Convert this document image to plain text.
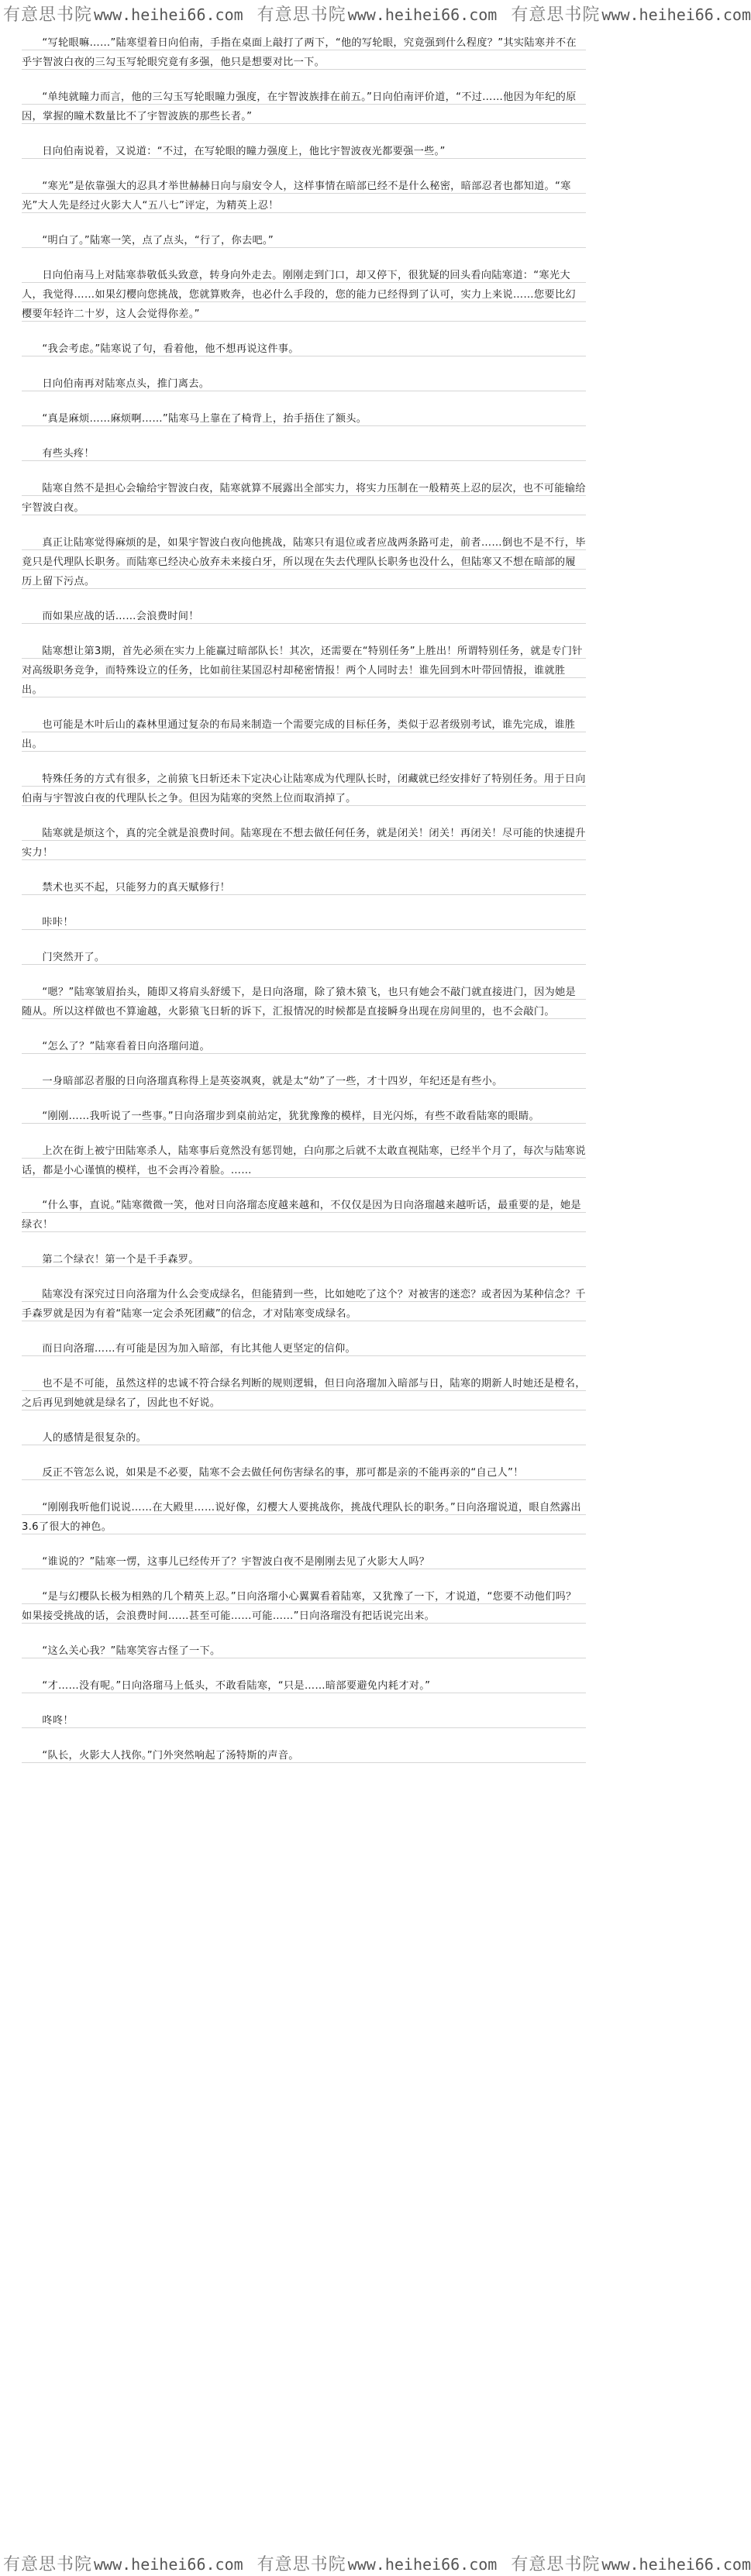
有意思书院 www.heihei66.com 有意思书院 www.heihei66.com 有意思书院 www.heihei66.com

“写轮眼嘛……”陆寒望着日向伯南，手指在桌面上敲打了两下，“他的写轮眼，究竟强到什么程度？”其实陆寒并不在乎宇智波白夜的三勾玉写轮眼究竟有多强，他只是想要对比一下。

“单纯就瞳力而言，他的三勾玉写轮眼瞳力强度，在宇智波族排在前五。”日向伯南评价道，“不过……他因为年纪的原因，掌握的瞳术数量比不了宇智波族的那些长者。”

日向伯南说着，又说道：“不过，在写轮眼的瞳力强度上，他比宇智波夜光都要强一些。”

“寒光”是依靠强大的忍具才举世赫赫日向与扇安令人，这样事情在暗部已经不是什么秘密，暗部忍者也都知道。“寒光”大人先是经过火影大人“五八七”评定，为精英上忍！

“明白了。”陆寒一笑，点了点头，“行了，你去吧。”

日向伯南马上对陆寒恭敬低头致意，转身向外走去。刚刚走到门口，却又停下，很犹疑的回头看向陆寒道：“寒光大人，我觉得……如果幻樱向您挑战，您就算败奔，也必什么手段的，您的能力已经得到了认可，实力上来说……您要比幻樱要年轻许二十岁，这人会觉得你差。”

“我会考虑。”陆寒说了句，看着他，他不想再说这件事。

日向伯南再对陆寒点头，推门离去。

“真是麻烦……麻烦啊……”陆寒马上靠在了椅背上，抬手捂住了额头。

有些头疼！

陆寒自然不是担心会输给宇智波白夜，陆寒就算不展露出全部实力，将实力压制在一般精英上忍的层次，也不可能输给宇智波白夜。

真正让陆寒觉得麻烦的是，如果宇智波白夜向他挑战，陆寒只有退位或者应战两条路可走，前者……倒也不是不行，毕竟只是代理队长职务。而陆寒已经决心放弃未来接白牙，所以现在失去代理队长职务也没什么，但陆寒又不想在暗部的履历上留下污点。

而如果应战的话……会浪费时间！

陆寒想让第3期，首先必须在实力上能赢过暗部队长！其次，还需要在“特别任务”上胜出！所谓特别任务，就是专门针对高级职务竞争，而特殊设立的任务，比如前往某国忍村却秘密情报！两个人同时去！谁先回到木叶带回情报，谁就胜出。

也可能是木叶后山的森林里通过复杂的布局来制造一个需要完成的目标任务，类似于忍者级别考试，谁先完成，谁胜出。

特殊任务的方式有很多，之前猿飞日斩还未下定决心让陆寒成为代理队长时，闭藏就已经安排好了特别任务。用于日向伯南与宇智波白夜的代理队长之争。但因为陆寒的突然上位而取消掉了。

陆寒就是烦这个，真的完全就是浪费时间。陆寒现在不想去做任何任务，就是闭关！闭关！再闭关！尽可能的快速提升实力！

禁术也买不起，只能努力的真天赋修行！

咔咔！

门突然开了。

“嗯？”陆寒皱眉抬头，随即又将肩头舒缓下，是日向洛瑠，除了猿木猿飞，也只有她会不敲门就直接进门，因为她是随从。所以这样做也不算逾越，火影猿飞日斩的诉下，汇报情况的时候都是直接瞬身出现在房间里的，也不会敲门。

“怎么了？”陆寒看着日向洛瑠问道。

一身暗部忍者服的日向洛瑠真称得上是英姿飒爽，就是太“幼”了一些，才十四岁，年纪还是有些小。

“刚刚……我听说了一些事。”日向洛瑠步到桌前站定，犹犹豫豫的模样，目光闪烁，有些不敢看陆寒的眼睛。

上次在街上被宁田陆寒杀人，陆寒事后竟然没有惩罚她，白向那之后就不太敢直视陆寒，已经半个月了，每次与陆寒说话，都是小心谨慎的模样，也不会再冷着脸。……

“什么事，直说。”陆寒微微一笑，他对日向洛瑠态度越来越和，不仅仅是因为日向洛瑠越来越听话，最重要的是，她是绿衣！

第二个绿衣！第一个是千手森罗。

陆寒没有深究过日向洛瑠为什么会变成绿名，但能猜到一些，比如她吃了这个？对被害的迷恋？或者因为某种信念？千手森罗就是因为有着“陆寒一定会杀死团藏”的信念，才对陆寒变成绿名。

而日向洛瑠……有可能是因为加入暗部，有比其他人更坚定的信仰。

也不是不可能，虽然这样的忠诚不符合绿名判断的规则逻辑，但日向洛瑠加入暗部与日，陆寒的期新人时她还是橙名，之后再见到她就是绿名了，因此也不好说。

人的感情是很复杂的。

反正不管怎么说，如果是不必要，陆寒不会去做任何伤害绿名的事，那可都是亲的不能再亲的“自己人”！

“刚刚我听他们说说……在大殿里……说好像，幻樱大人要挑战你，挑战代理队长的职务。”日向洛瑠说道，眼自然露出3.6了很大的神色。

“谁说的？”陆寒一愣，这事儿已经传开了？宇智波白夜不是刚刚去见了火影大人吗？

“是与幻樱队长极为相熟的几个精英上忍。”日向洛瑠小心翼翼看着陆寒，又犹豫了一下，才说道，“您要不动他们吗？如果接受挑战的话，会浪费时间……甚至可能……可能……”日向洛瑠没有把话说完出来。

“这么关心我？”陆寒笑容古怪了一下。

“才……没有呢。”日向洛瑠马上低头，不敢看陆寒，“只是……暗部要避免内耗才对。”

咚咚！

“队长，火影大人找你。”门外突然响起了汤特斯的声音。

有意思书院 www.heihei66.com 有意思书院 www.heihei66.com 有意思书院 www.heihei66.com
